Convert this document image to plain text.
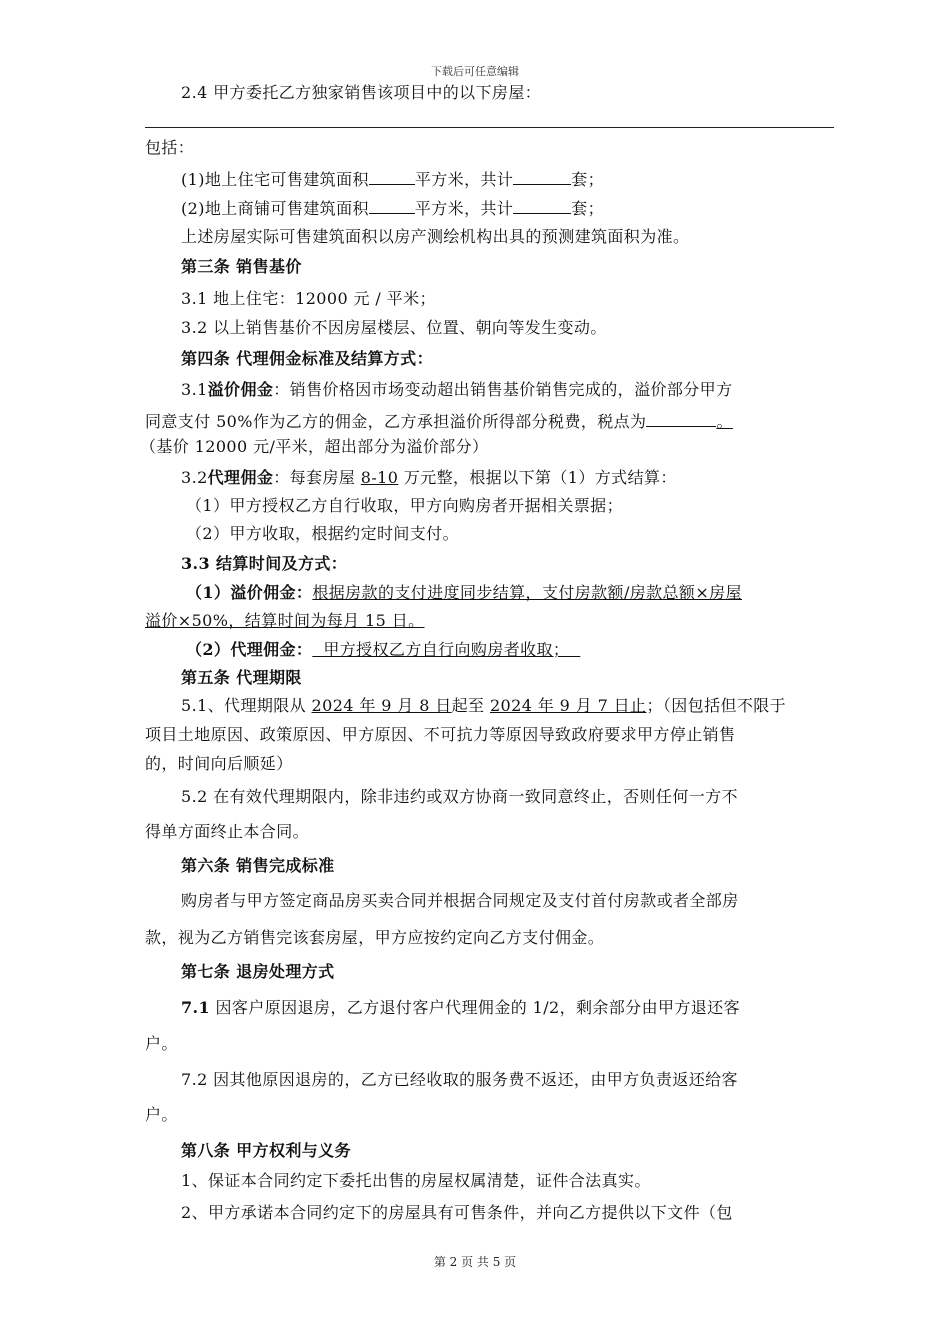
下载后可任意编辑
2.4 甲方委托乙方独家销售该项目中的以下房屋：
包括：
(1)地上住宅可售建筑面积	平方米，共计	套；
(2)地上商铺可售建筑面积	平方米，共计	套；
上述房屋实际可售建筑面积以房产测绘机构出具的预测建筑面积为准。
第三条 销售基价
3.1 地上住宅：12000 元 / 平米；
3.2 以上销售基价不因房屋楼层、位置、朝向等发生变动。
第四条 代理佣金标准及结算方式：
3.1溢价佣金：销售价格因市场变动超出销售基价销售完成的，溢价部分甲方
同意支付 50%作为乙方的佣金，乙方承担溢价所得部分税费，税点为	。
（基价 12000 元/平米，超出部分为溢价部分）
3.2代理佣金：每套房屋 8-10 万元整，根据以下第（1）方式结算：
（1）甲方授权乙方自行收取，甲方向购房者开据相关票据；
（2）甲方收取，根据约定时间支付。
3.3 结算时间及方式：
（1）溢价佣金：根据房款的支付进度同步结算，支付房款额/房款总额×房屋
溢价×50%，结算时间为每月 15 日。
（2）代理佣金：  甲方授权乙方自行向购房者收取；
第五条 代理期限
5.1、代理期限从 2024 年 9 月 8 日起至 2024 年 9 月 7 日止；（因包括但不限于
项目土地原因、政策原因、甲方原因、不可抗力等原因导致政府要求甲方停止销售
的，时间向后顺延）
5.2 在有效代理期限内，除非违约或双方协商一致同意终止，否则任何一方不
得单方面终止本合同。
第六条 销售完成标准
购房者与甲方签定商品房买卖合同并根据合同规定及支付首付房款或者全部房
款，视为乙方销售完该套房屋，甲方应按约定向乙方支付佣金。
第七条 退房处理方式
7.1 因客户原因退房，乙方退付客户代理佣金的 1/2，剩余部分由甲方退还客
户。
7.2 因其他原因退房的，乙方已经收取的服务费不返还，由甲方负责返还给客
户。
第八条 甲方权利与义务
1、保证本合同约定下委托出售的房屋权属清楚，证件合法真实。
2、甲方承诺本合同约定下的房屋具有可售条件，并向乙方提供以下文件（包
第 2 页 共 5 页
